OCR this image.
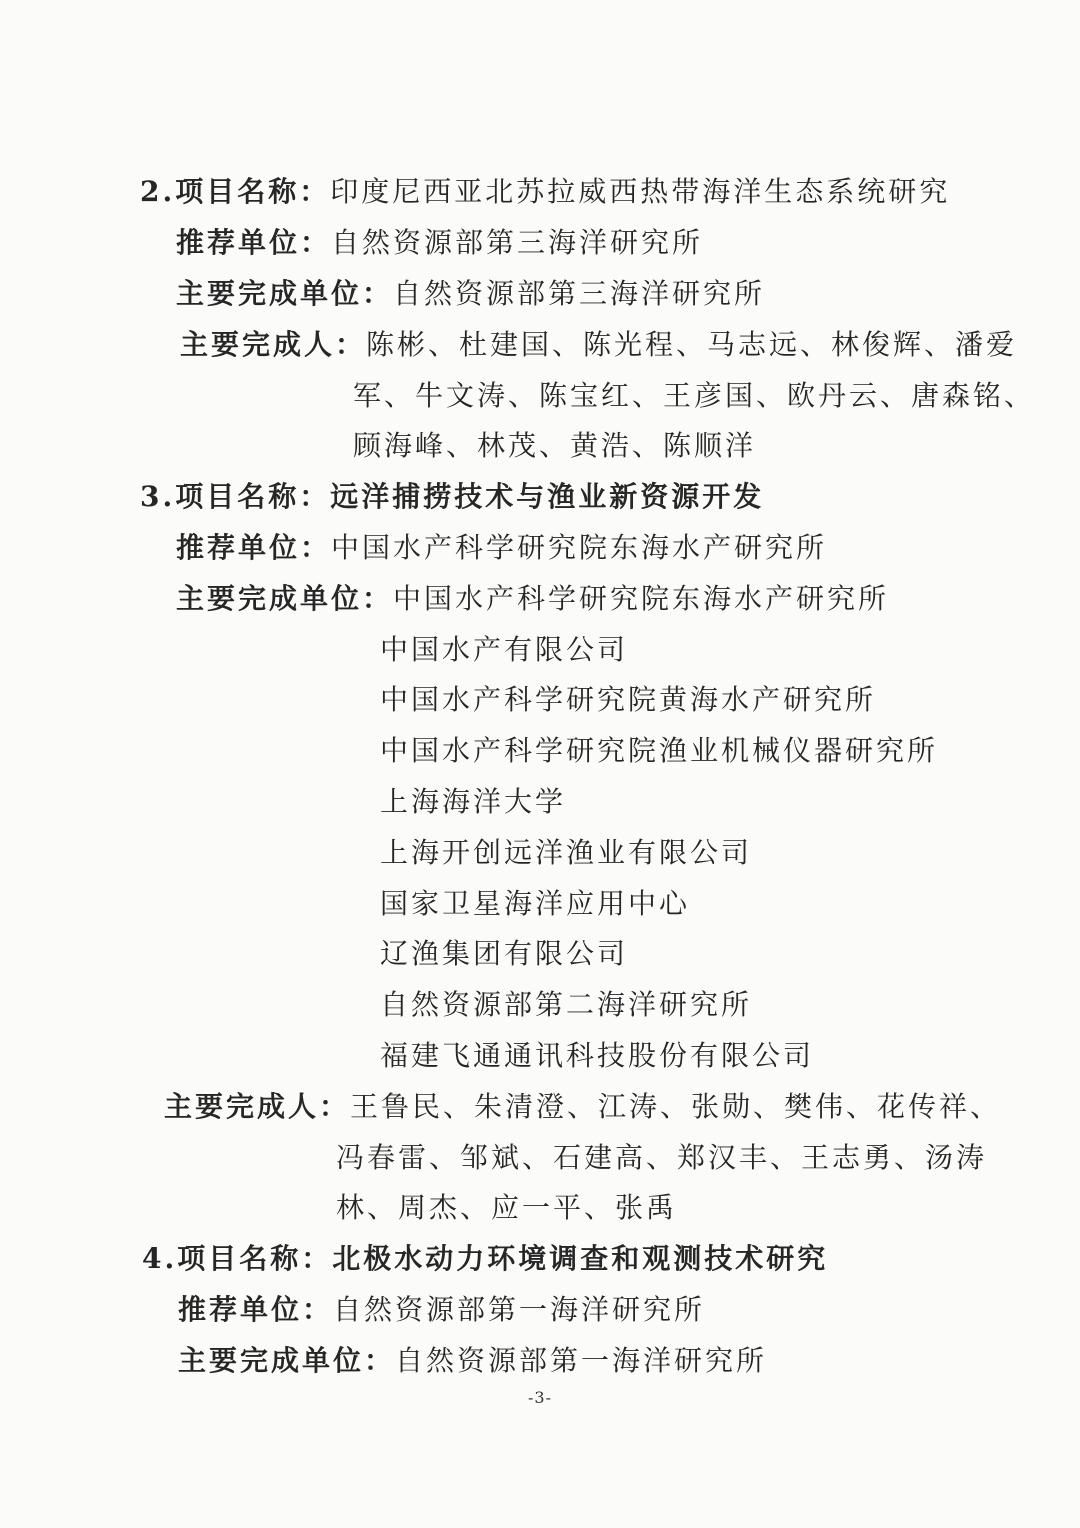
2.项目名称：印度尼西亚北苏拉威西热带海洋生态系统研究
推荐单位：自然资源部第三海洋研究所
主要完成单位：自然资源部第三海洋研究所
主要完成人：陈彬、杜建国、陈光程、马志远、林俊辉、潘爱
军、牛文涛、陈宝红、王彦国、欧丹云、唐森铭、
顾海峰、林茂、黄浩、陈顺洋
3.项目名称：远洋捕捞技术与渔业新资源开发
推荐单位：中国水产科学研究院东海水产研究所
主要完成单位：中国水产科学研究院东海水产研究所
中国水产有限公司
中国水产科学研究院黄海水产研究所
中国水产科学研究院渔业机械仪器研究所
上海海洋大学
上海开创远洋渔业有限公司
国家卫星海洋应用中心
辽渔集团有限公司
自然资源部第二海洋研究所
福建飞通通讯科技股份有限公司
主要完成人：王鲁民、朱清澄、江涛、张勋、樊伟、花传祥、
冯春雷、邹斌、石建高、郑汉丰、王志勇、汤涛
林、周杰、应一平、张禹
4.项目名称：北极水动力环境调查和观测技术研究
推荐单位：自然资源部第一海洋研究所
主要完成单位：自然资源部第一海洋研究所
-3-
